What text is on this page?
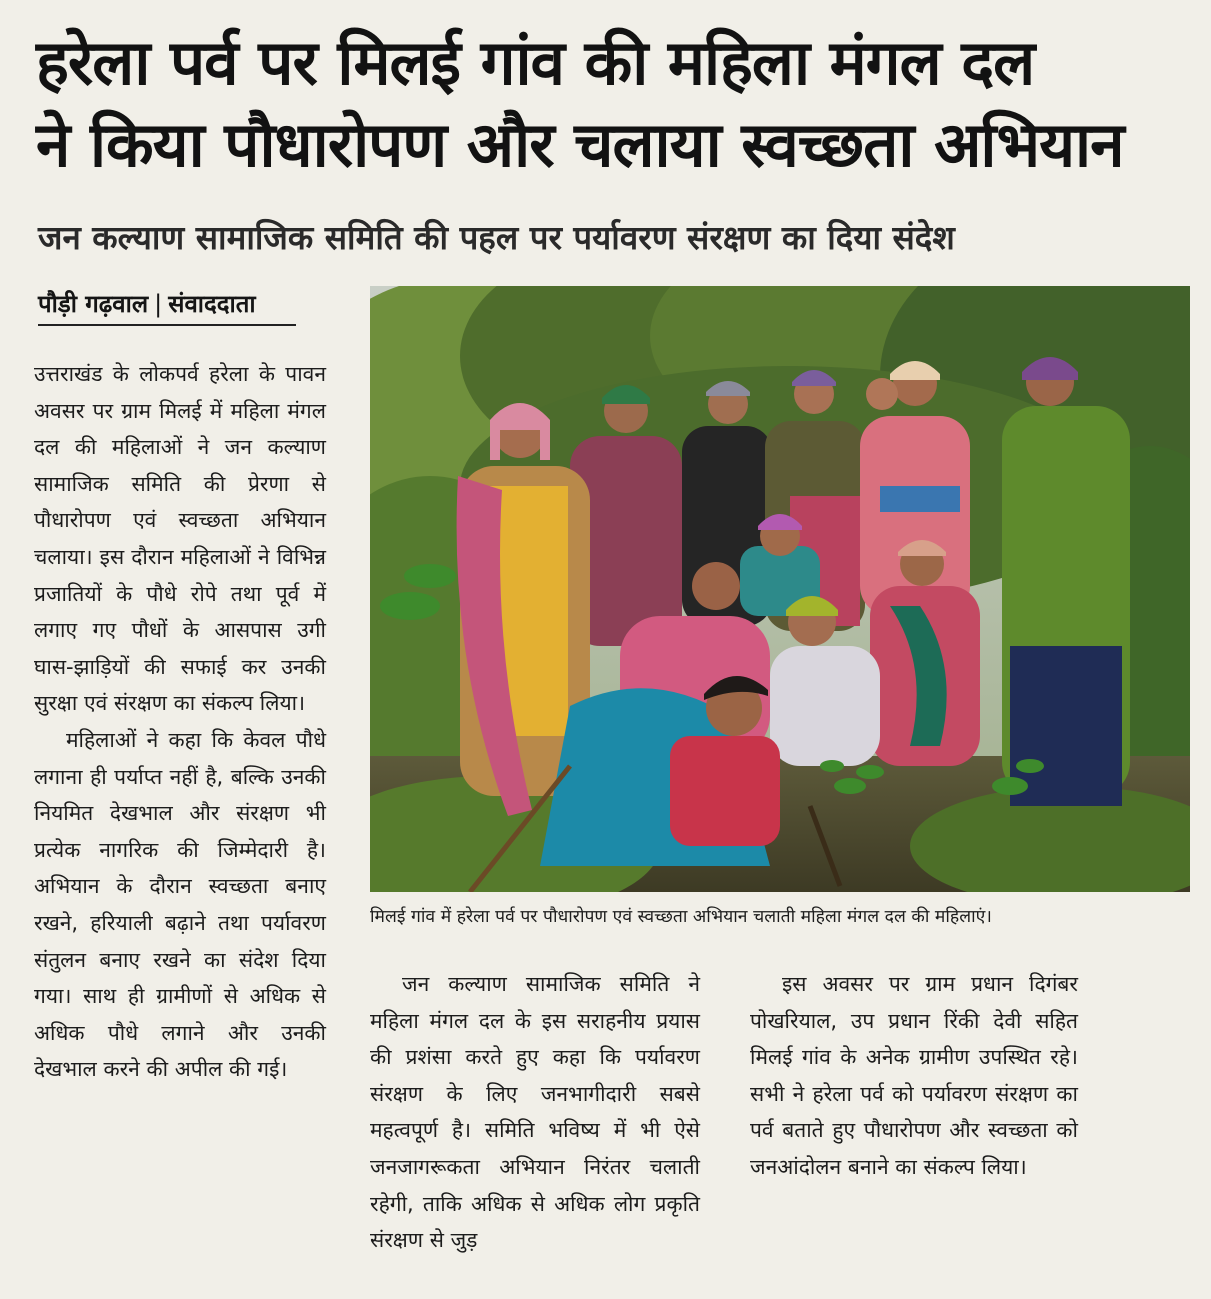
हरेला पर्व पर मिलई गांव की महिला मंगल दल
ने किया पौधारोपण और चलाया स्वच्छता अभियान
जन कल्याण सामाजिक समिति की पहल पर पर्यावरण संरक्षण का दिया संदेश
पौड़ी गढ़वाल | संवाददाता

उत्तराखंड के लोकपर्व हरेला के पावन अवसर पर ग्राम मिलई में महिला मंगल दल की महिलाओं ने जन कल्याण सामाजिक समिति की प्रेरणा से पौधारोपण एवं स्वच्छता अभियान चलाया। इस दौरान महिलाओं ने विभिन्न प्रजातियों के पौधे रोपे तथा पूर्व में लगाए गए पौधों के आसपास उगी घास-झाड़ियों की सफाई कर उनकी सुरक्षा एवं संरक्षण का संकल्प लिया।

महिलाओं ने कहा कि केवल पौधे लगाना ही पर्याप्त नहीं है, बल्कि उनकी नियमित देखभाल और संरक्षण भी प्रत्येक नागरिक की जिम्मेदारी है। अभियान के दौरान स्वच्छता बनाए रखने, हरियाली बढ़ाने तथा पर्यावरण संतुलन बनाए रखने का संदेश दिया गया। साथ ही ग्रामीणों से अधिक से अधिक पौधे लगाने और उनकी देखभाल करने की अपील की गई।

मिलई गांव में हरेला पर्व पर पौधारोपण एवं स्वच्छता अभियान चलाती महिला मंगल दल की महिलाएं।
जन कल्याण सामाजिक समिति ने महिला मंगल दल के इस सराहनीय प्रयास की प्रशंसा करते हुए कहा कि पर्यावरण संरक्षण के लिए जनभागीदारी सबसे महत्वपूर्ण है। समिति भविष्य में भी ऐसे जनजागरूकता अभियान निरंतर चलाती रहेगी, ताकि अधिक से अधिक लोग प्रकृति संरक्षण से जुड़
इस अवसर पर ग्राम प्रधान दिगंबर पोखरियाल, उप प्रधान रिंकी देवी सहित मिलई गांव के अनेक ग्रामीण उपस्थित रहे। सभी ने हरेला पर्व को पर्यावरण संरक्षण का पर्व बताते हुए पौधारोपण और स्वच्छता को जनआंदोलन बनाने का संकल्प लिया।
